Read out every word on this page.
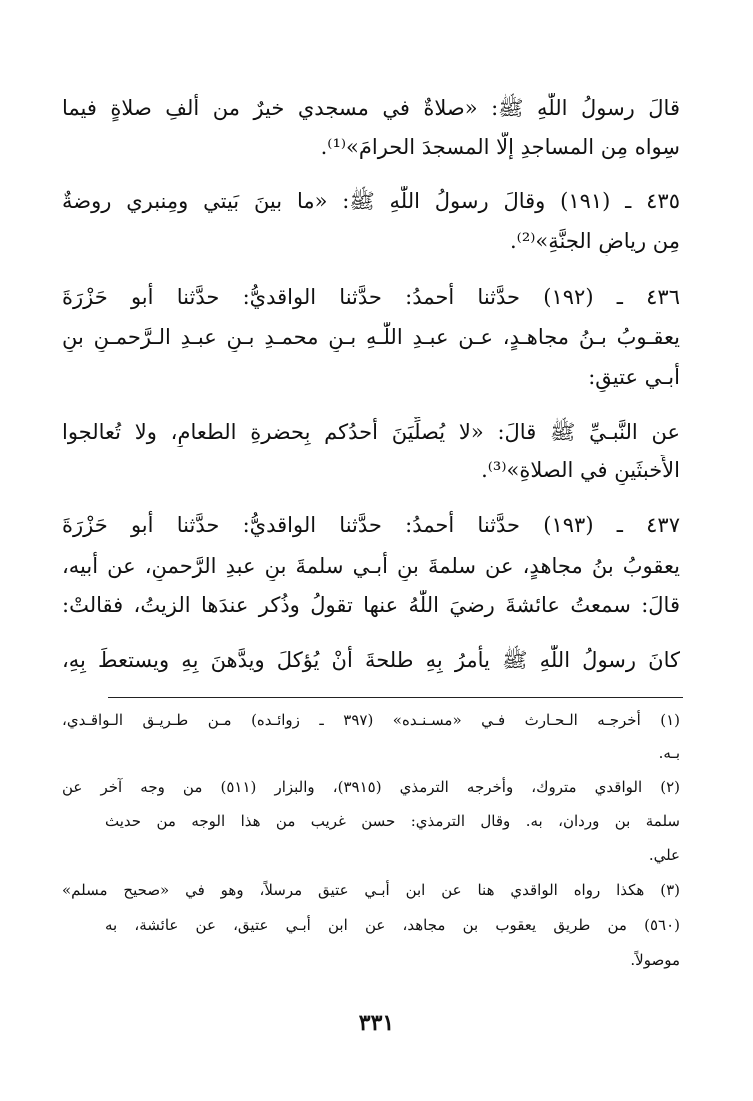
قالَ رسولُ اللّٰهِ ﷺ: «صلاةٌ في مسجدي خيرٌ من ألفِ صلاةٍ فيما
سِواه مِن المساجدِ إلّا المسجدَ الحرامَ»⁽¹⁾.
٤٣٥ ـ (١٩١) وقالَ رسولُ اللّٰهِ ﷺ: «ما بينَ بَيتي ومِنبري روضةٌ
مِن رياضِ الجنَّةِ»⁽²⁾.
٤٣٦ ـ (١٩٢) حدَّثنا أحمدُ: حدَّثنا الواقديُّ: حدَّثنا أبو حَزْرَةَ
يعقـوبُ بـنُ مجاهـدٍ، عـن عبـدِ اللّٰـهِ بـنِ محمـدِ بـنِ عبـدِ الـرَّحمـنِ بنِ
أبـي عتيقٍ:
عن النَّبـيِّ ﷺ قالَ: «لا يُصلِّيَنَ أحدُكم بِحضرةِ الطعامِ، ولا تُعالجوا
الأَخبثَينِ في الصلاةِ»⁽³⁾.
٤٣٧ ـ (١٩٣) حدَّثنا أحمدُ: حدَّثنا الواقديُّ: حدَّثنا أبو حَزْرَةَ
يعقوبُ بنُ مجاهدٍ، عن سلمةَ بنِ أبـي سلمةَ بنِ عبدِ الرَّحمنِ، عن أبيه،
قالَ: سمعتُ عائشةَ رضيَ اللّٰهُ عنها تقولُ وذُكر عندَها الزيتُ، فقالتْ:
كانَ رسولُ اللّٰهِ ﷺ يأمرُ بِهِ طلحةَ أنْ يُؤكلَ ويدَّهنَ بِهِ ويستعطَ بِهِ،
(١) أخرجـه الـحـارث فـي «مسـنـده» (٣٩٧ ـ زوائـده) مـن طـريـق الـواقـدي،
بـه.
(٢) الواقدي متروك، وأخرجه الترمذي (٣٩١٥)، والبزار (٥١١) من وجه آخر عن
سلمة بن وردان، به. وقال الترمذي: حسن غريب من هذا الوجه من حديث
علي.
(٣) هكذا رواه الواقدي هنا عن ابن أبـي عتيق مرسلاً، وهو في «صحيح مسلم»
(٥٦٠) من طريق يعقوب بن مجاهد، عن ابن أبـي عتيق، عن عائشة، به
موصولاً.
٣٣١
